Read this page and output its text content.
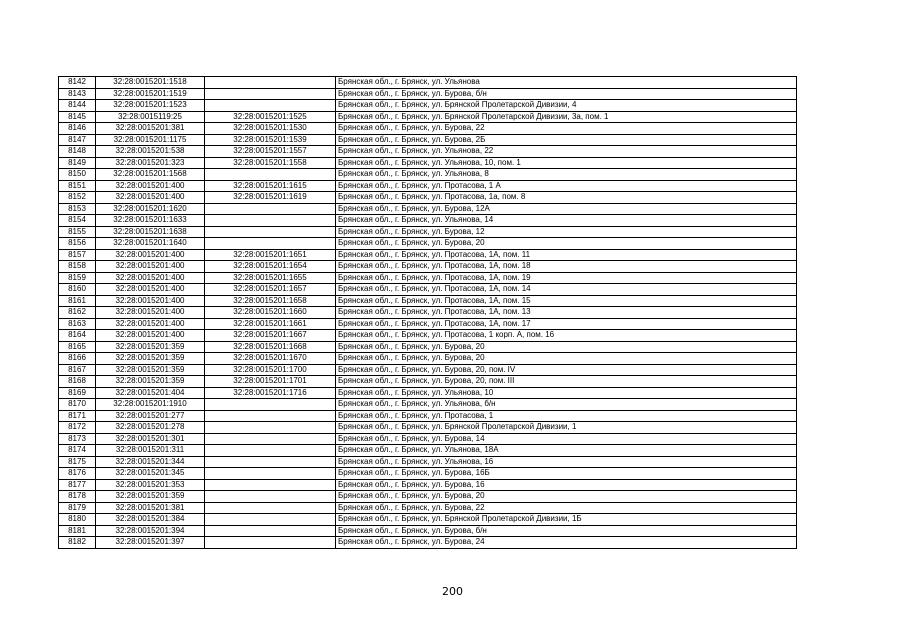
8142	32:28:0015201:1518		Брянская обл., г. Брянск, ул. Ульянова
8143	32:28:0015201:1519		Брянская обл., г. Брянск, ул. Бурова, б/н
8144	32:28:0015201:1523		Брянская обл., г. Брянск, ул. Брянской Пролетарской Дивизии, 4
8145	32:28:0015119:25	32:28:0015201:1525	Брянская обл., г. Брянск, ул. Брянской Пролетарской Дивизии, 3а, пом. 1
8146	32:28:0015201:381	32:28:0015201:1530	Брянская обл., г. Брянск, ул. Бурова, 22
8147	32:28:0015201:1175	32:28:0015201:1539	Брянская обл., г. Брянск, ул. Бурова, 2Б
8148	32:28:0015201:538	32:28:0015201:1557	Брянская обл., г. Брянск, ул. Ульянова, 22
8149	32:28:0015201:323	32:28:0015201:1558	Брянская обл., г. Брянск, ул. Ульянова, 10, пом. 1
8150	32:28:0015201:1568		Брянская обл., г. Брянск, ул. Ульянова, 8
8151	32:28:0015201:400	32:28:0015201:1615	Брянская обл., г. Брянск, ул. Протасова, 1 А
8152	32:28:0015201:400	32:28:0015201:1619	Брянская обл., г. Брянск, ул. Протасова, 1а, пом. 8
8153	32:28:0015201:1620		Брянская обл., г. Брянск, ул. Бурова, 12А
8154	32:28:0015201:1633		Брянская обл., г. Брянск, ул. Ульянова, 14
8155	32:28:0015201:1638		Брянская обл., г. Брянск, ул. Бурова, 12
8156	32:28:0015201:1640		Брянская обл., г. Брянск, ул. Бурова, 20
8157	32:28:0015201:400	32:28:0015201:1651	Брянская обл., г. Брянск, ул. Протасова, 1А, пом. 11
8158	32:28:0015201:400	32:28:0015201:1654	Брянская обл., г. Брянск, ул. Протасова, 1А, пом. 18
8159	32:28:0015201:400	32:28:0015201:1655	Брянская обл., г. Брянск, ул. Протасова, 1А, пом. 19
8160	32:28:0015201:400	32:28:0015201:1657	Брянская обл., г. Брянск, ул. Протасова, 1А, пом. 14
8161	32:28:0015201:400	32:28:0015201:1658	Брянская обл., г. Брянск, ул. Протасова, 1А, пом. 15
8162	32:28:0015201:400	32:28:0015201:1660	Брянская обл., г. Брянск, ул. Протасова, 1А, пом. 13
8163	32:28:0015201:400	32:28:0015201:1661	Брянская обл., г. Брянск, ул. Протасова, 1А, пом. 17
8164	32:28:0015201:400	32:28:0015201:1667	Брянская обл., г. Брянск, ул. Протасова, 1 корп. А, пом. 16
8165	32:28:0015201:359	32:28:0015201:1668	Брянская обл., г. Брянск, ул. Бурова, 20
8166	32:28:0015201:359	32:28:0015201:1670	Брянская обл., г. Брянск, ул. Бурова, 20
8167	32:28:0015201:359	32:28:0015201:1700	Брянская обл., г. Брянск, ул. Бурова, 20, пом. IV
8168	32:28:0015201:359	32:28:0015201:1701	Брянская обл., г. Брянск, ул. Бурова, 20, пом. III
8169	32:28:0015201:404	32:28:0015201:1716	Брянская обл., г. Брянск, ул. Ульянова, 10
8170	32:28:0015201:1910		Брянская обл., г. Брянск, ул. Ульянова, б/н
8171	32:28:0015201:277		Брянская обл., г. Брянск, ул. Протасова, 1
8172	32:28:0015201:278		Брянская обл., г. Брянск, ул. Брянской Пролетарской Дивизии, 1
8173	32:28:0015201:301		Брянская обл., г. Брянск, ул. Бурова, 14
8174	32:28:0015201:311		Брянская обл., г. Брянск, ул. Ульянова, 18А
8175	32:28:0015201:344		Брянская обл., г. Брянск, ул. Ульянова, 16
8176	32:28:0015201:345		Брянская обл., г. Брянск, ул. Бурова, 16Б
8177	32:28:0015201:353		Брянская обл., г. Брянск, ул. Бурова, 16
8178	32:28:0015201:359		Брянская обл., г. Брянск, ул. Бурова, 20
8179	32:28:0015201:381		Брянская обл., г. Брянск, ул. Бурова, 22
8180	32:28:0015201:384		Брянская обл., г. Брянск, ул. Брянской Пролетарской Дивизии, 1Б
8181	32:28:0015201:394		Брянская обл., г. Брянск, ул. Бурова, б/н
8182	32:28:0015201:397		Брянская обл., г. Брянск, ул. Бурова, 24
200
